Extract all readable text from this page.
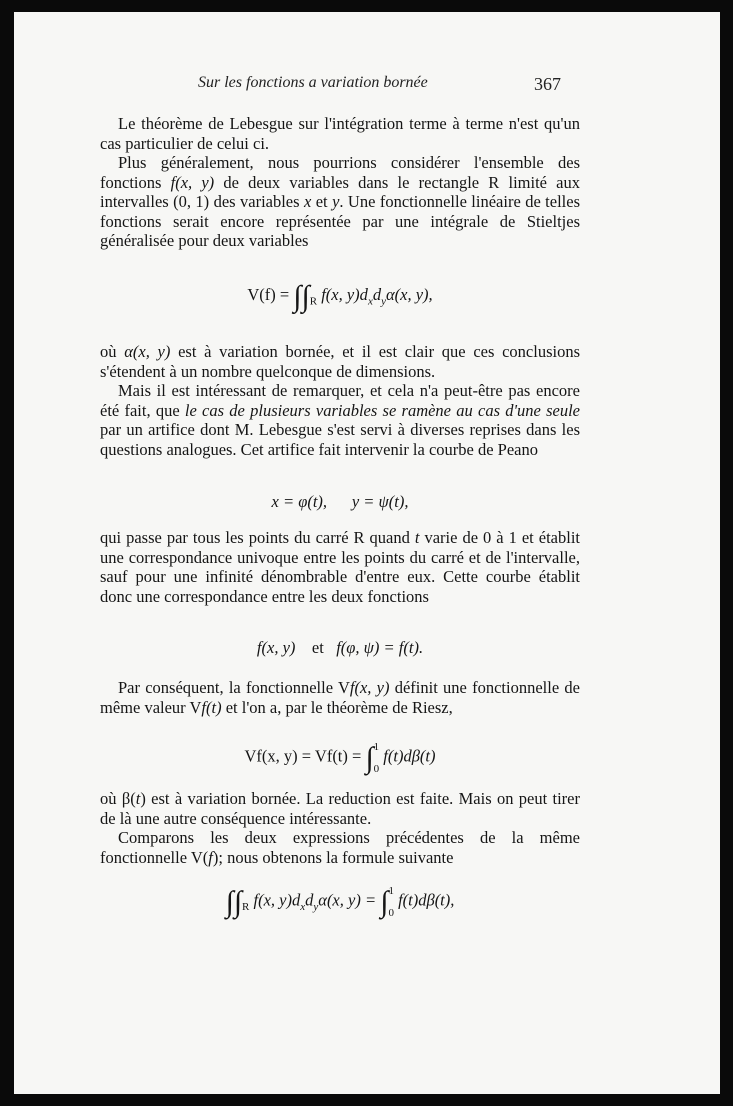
Sur les fonctions a variation bornée	367

Le théorème de Lebesgue sur l'intégration terme à terme n'est qu'un cas particulier de celui ci.

Plus généralement, nous pourrions considérer l'ensemble des fonctions f(x, y) de deux variables dans le rectangle R limité aux intervalles (0, 1) des variables x et y. Une fonctionnelle linéaire de telles fonctions serait encore représentée par une intégrale de Stieltjes généralisée pour deux variables

$V(f) = \int\int_R$ f(x, $y)d_xd_y\alpha(x$, y),

où α(x, y) est à variation bornée, et il est clair que ces conclusions s'étendent à un nombre quelconque de dimensions.

Mais il est intéressant de remarquer, et cela n'a peut-être pas encore été fait, que le cas de plusieurs variables se ramène au cas d'une seule par un artifice dont M. Lebesgue s'est servi à diverses reprises dans les questions analogues. Cet artifice fait intervenir la courbe de Peano

x = φ(t), y = ψ(t),

qui passe par tous les points du carré R quand t varie de 0 à 1 et établit une correspondance univoque entre les points du carré et de l'intervalle, sauf pour une infinité dénombrable d'entre eux. Cette courbe établit donc une correspondance entre les deux fonctions

f(x, y) et f(φ, ψ) = f(t).

Par conséquent, la fonctionnelle Vf(x, y) définit une fonctionnelle de même valeur Vf(t) et l'on a, par le théorème de Riesz,

Vf(x, y) = Vf(t) = ∫$^1$
$_0$ f(t)dβ(t)

où β(t) est à variation bornée. La reduction est faite. Mais on peut tirer de là une autre conséquence intéressante.

Comparons les deux expressions précédentes de la même fonctionnelle V(f); nous obtenons la formule suivante

$\int\int_R$ f(x, $y)d_xd_y\alpha(x$, y) = ∫$^1$
$_0$ f(t)dβ(t),
